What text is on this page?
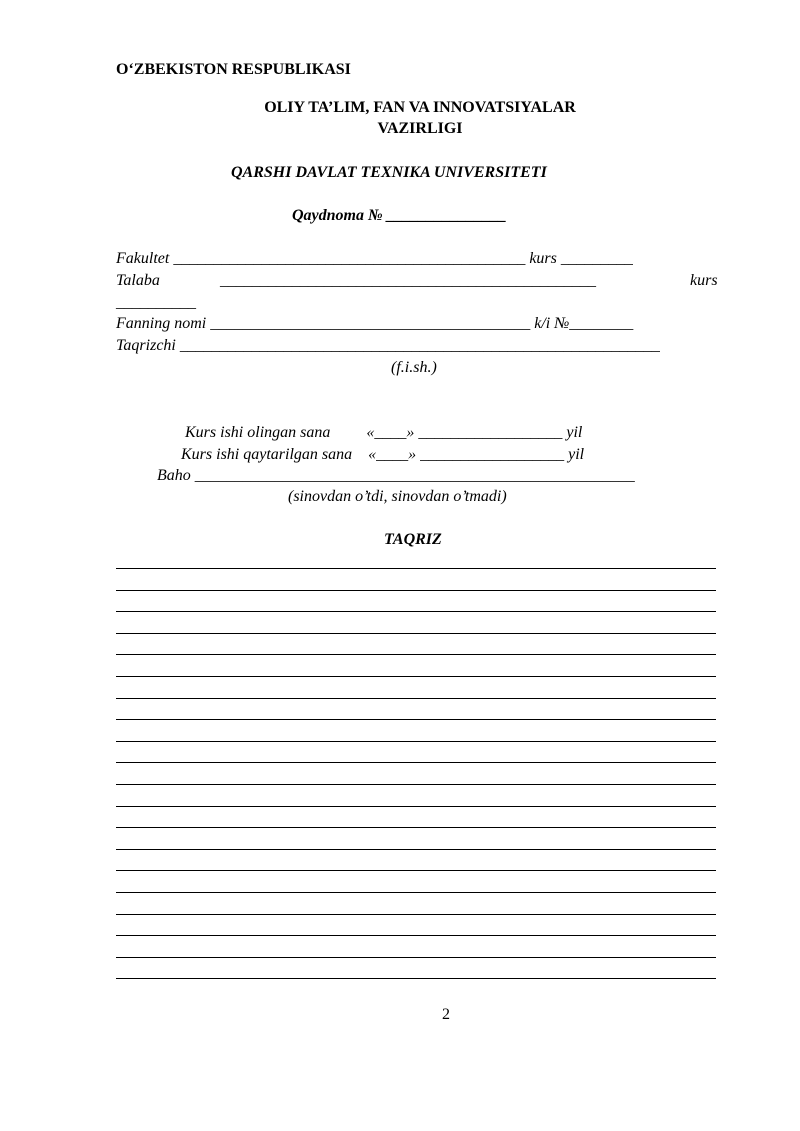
O‘ZBEKISTON RESPUBLIKASI
OLIY TA’LIM, FAN VA INNOVATSIYALAR
VAZIRLIGI
QARSHI DAVLAT TEXNIKA UNIVERSITETI
Qaydnoma № _______________
Fakultet ____________________________________________ kurs _________
Talaba	_______________________________________________	kurs
__________
Fanning nomi ________________________________________ k/i №________
Taqrizchi ____________________________________________________________
(f.i.sh.)
Kurs ishi olingan sana         «____» __________________ yil
Kurs ishi qaytarilgan sana    «____» __________________ yil
Baho _______________________________________________________
(sinovdan o’tdi, sinovdan o’tmadi)
TAQRIZ
2
